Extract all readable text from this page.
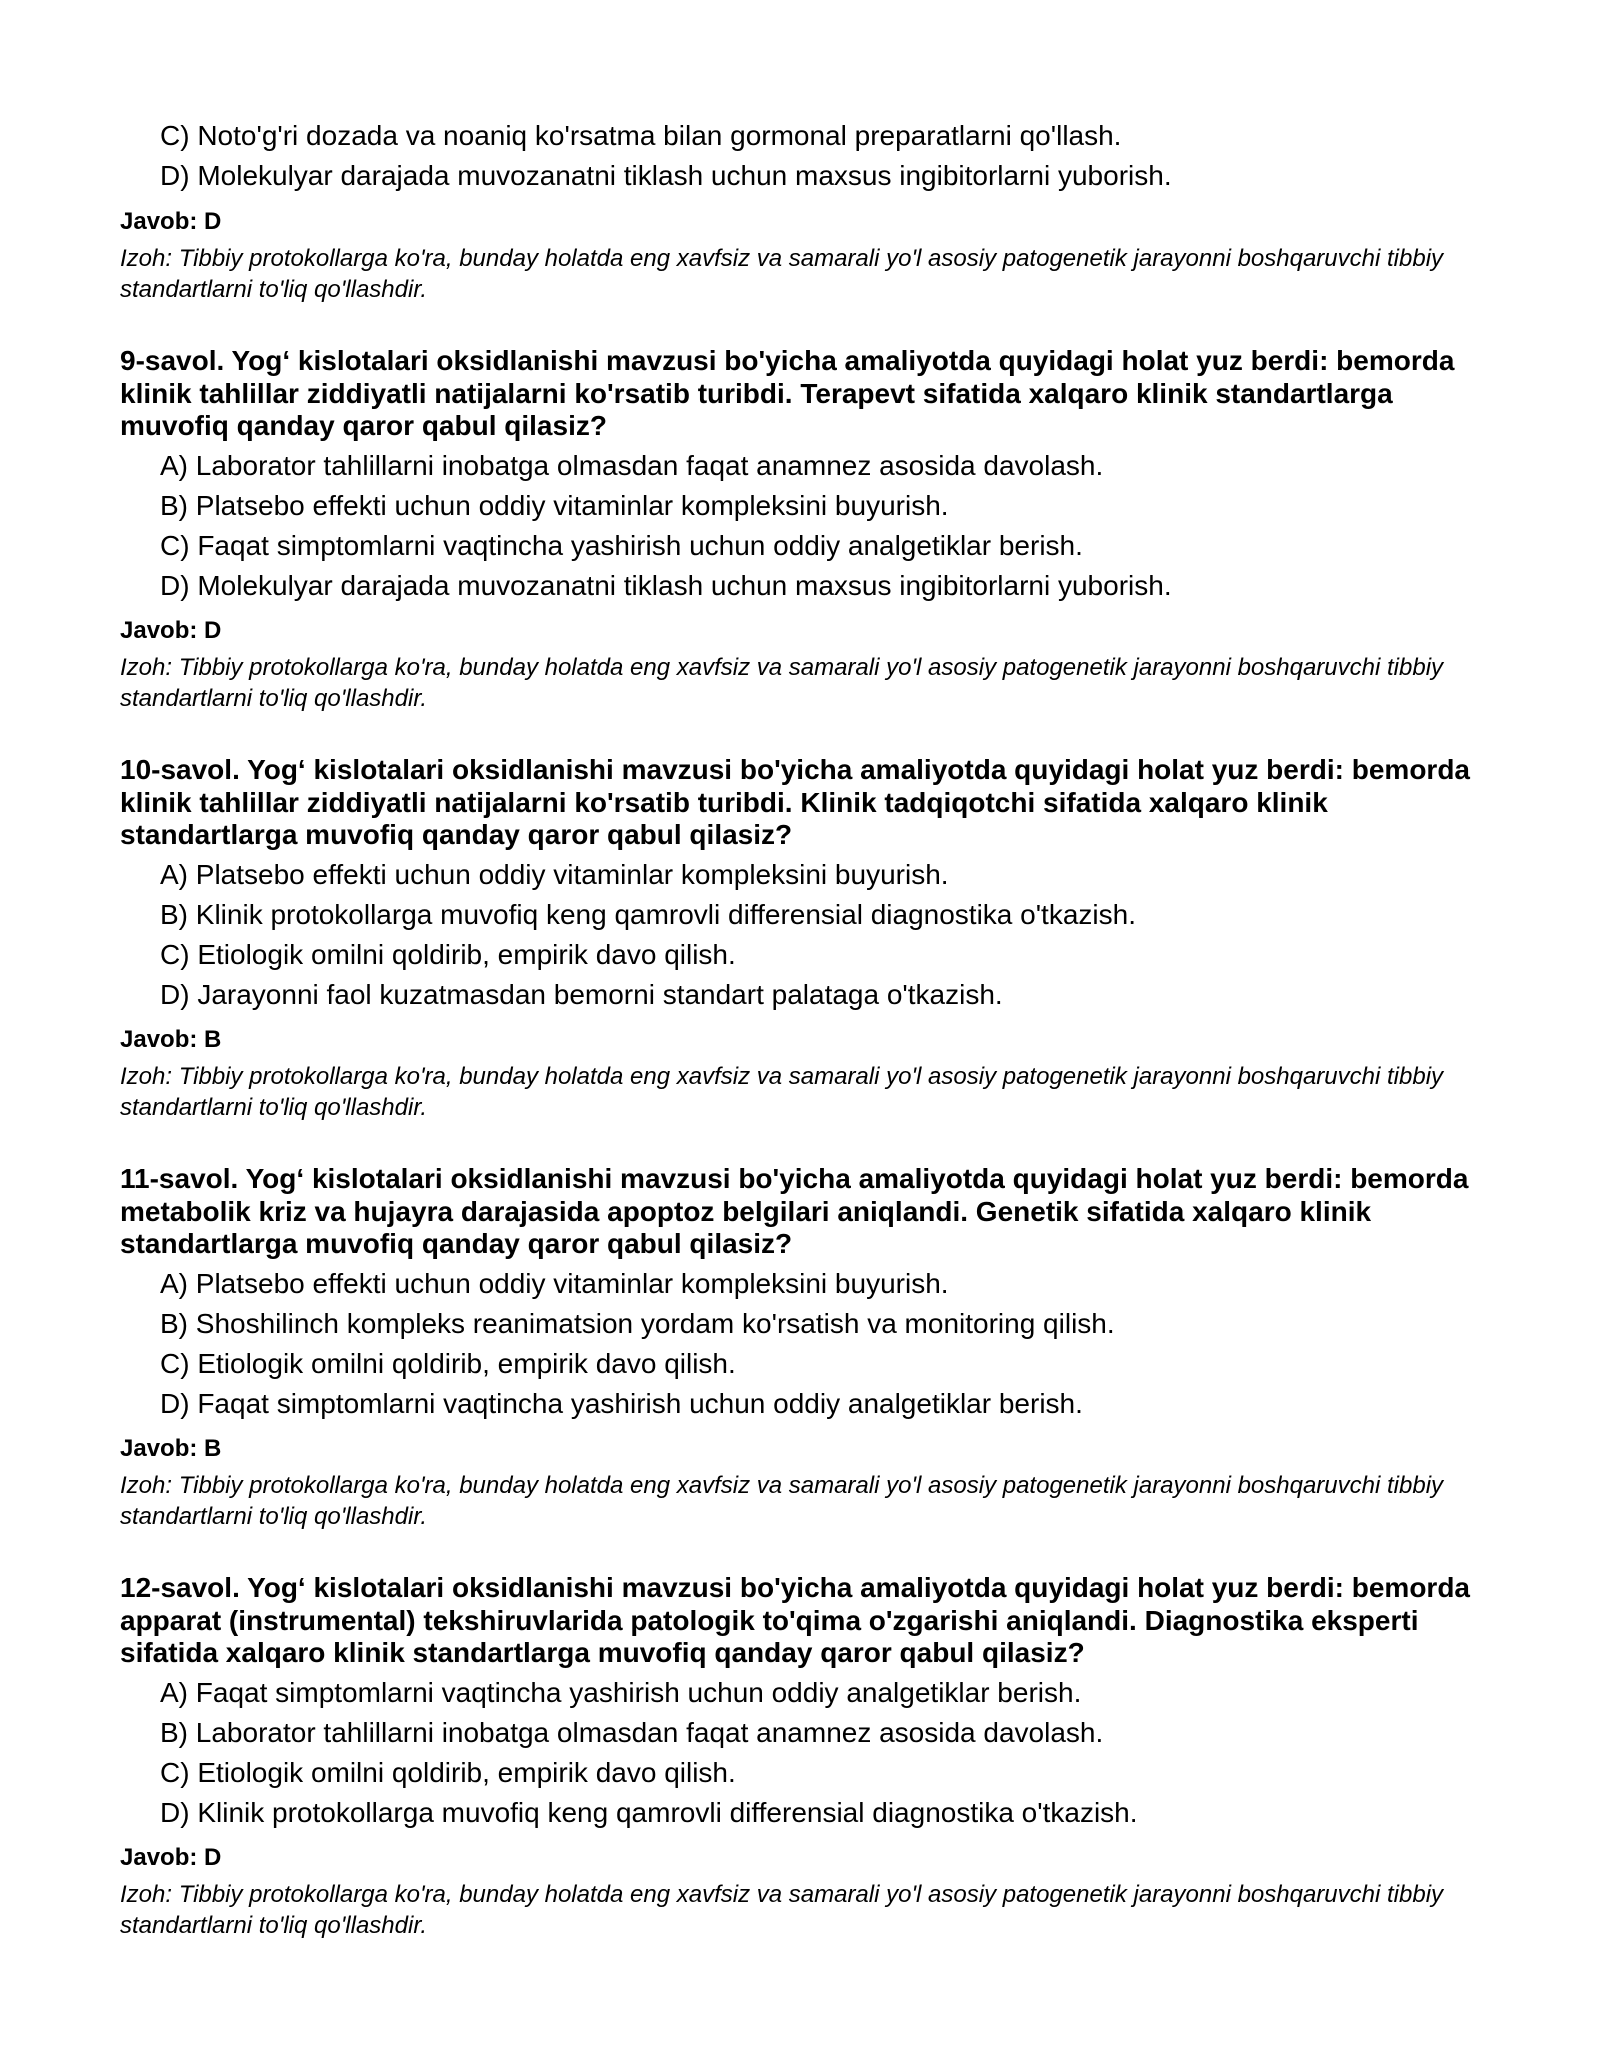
C) Noto'g'ri dozada va noaniq ko'rsatma bilan gormonal preparatlarni qo'llash.
D) Molekulyar darajada muvozanatni tiklash uchun maxsus ingibitorlarni yuborish.
Javob: D
Izoh: Tibbiy protokollarga ko'ra, bunday holatda eng xavfsiz va samarali yo'l asosiy patogenetik jarayonni boshqaruvchi tibbiy standartlarni to'liq qo'llashdir.

9-savol. Yog‘ kislotalari oksidlanishi mavzusi bo'yicha amaliyotda quyidagi holat yuz berdi: bemorda klinik tahlillar ziddiyatli natijalarni ko'rsatib turibdi. Terapevt sifatida xalqaro klinik standartlarga muvofiq qanday qaror qabul qilasiz?

A) Laborator tahlillarni inobatga olmasdan faqat anamnez asosida davolash.
B) Platsebo effekti uchun oddiy vitaminlar kompleksini buyurish.
C) Faqat simptomlarni vaqtincha yashirish uchun oddiy analgetiklar berish.
D) Molekulyar darajada muvozanatni tiklash uchun maxsus ingibitorlarni yuborish.
Javob: D
Izoh: Tibbiy protokollarga ko'ra, bunday holatda eng xavfsiz va samarali yo'l asosiy patogenetik jarayonni boshqaruvchi tibbiy standartlarni to'liq qo'llashdir.

10-savol. Yog‘ kislotalari oksidlanishi mavzusi bo'yicha amaliyotda quyidagi holat yuz berdi: bemorda klinik tahlillar ziddiyatli natijalarni ko'rsatib turibdi. Klinik tadqiqotchi sifatida xalqaro klinik standartlarga muvofiq qanday qaror qabul qilasiz?

A) Platsebo effekti uchun oddiy vitaminlar kompleksini buyurish.
B) Klinik protokollarga muvofiq keng qamrovli differensial diagnostika o'tkazish.
C) Etiologik omilni qoldirib, empirik davo qilish.
D) Jarayonni faol kuzatmasdan bemorni standart palataga o'tkazish.
Javob: B
Izoh: Tibbiy protokollarga ko'ra, bunday holatda eng xavfsiz va samarali yo'l asosiy patogenetik jarayonni boshqaruvchi tibbiy standartlarni to'liq qo'llashdir.

11-savol. Yog‘ kislotalari oksidlanishi mavzusi bo'yicha amaliyotda quyidagi holat yuz berdi: bemorda metabolik kriz va hujayra darajasida apoptoz belgilari aniqlandi. Genetik sifatida xalqaro klinik standartlarga muvofiq qanday qaror qabul qilasiz?

A) Platsebo effekti uchun oddiy vitaminlar kompleksini buyurish.
B) Shoshilinch kompleks reanimatsion yordam ko'rsatish va monitoring qilish.
C) Etiologik omilni qoldirib, empirik davo qilish.
D) Faqat simptomlarni vaqtincha yashirish uchun oddiy analgetiklar berish.
Javob: B
Izoh: Tibbiy protokollarga ko'ra, bunday holatda eng xavfsiz va samarali yo'l asosiy patogenetik jarayonni boshqaruvchi tibbiy standartlarni to'liq qo'llashdir.

12-savol. Yog‘ kislotalari oksidlanishi mavzusi bo'yicha amaliyotda quyidagi holat yuz berdi: bemorda apparat (instrumental) tekshiruvlarida patologik to'qima o'zgarishi aniqlandi. Diagnostika eksperti sifatida xalqaro klinik standartlarga muvofiq qanday qaror qabul qilasiz?

A) Faqat simptomlarni vaqtincha yashirish uchun oddiy analgetiklar berish.
B) Laborator tahlillarni inobatga olmasdan faqat anamnez asosida davolash.
C) Etiologik omilni qoldirib, empirik davo qilish.
D) Klinik protokollarga muvofiq keng qamrovli differensial diagnostika o'tkazish.
Javob: D
Izoh: Tibbiy protokollarga ko'ra, bunday holatda eng xavfsiz va samarali yo'l asosiy patogenetik jarayonni boshqaruvchi tibbiy standartlarni to'liq qo'llashdir.
